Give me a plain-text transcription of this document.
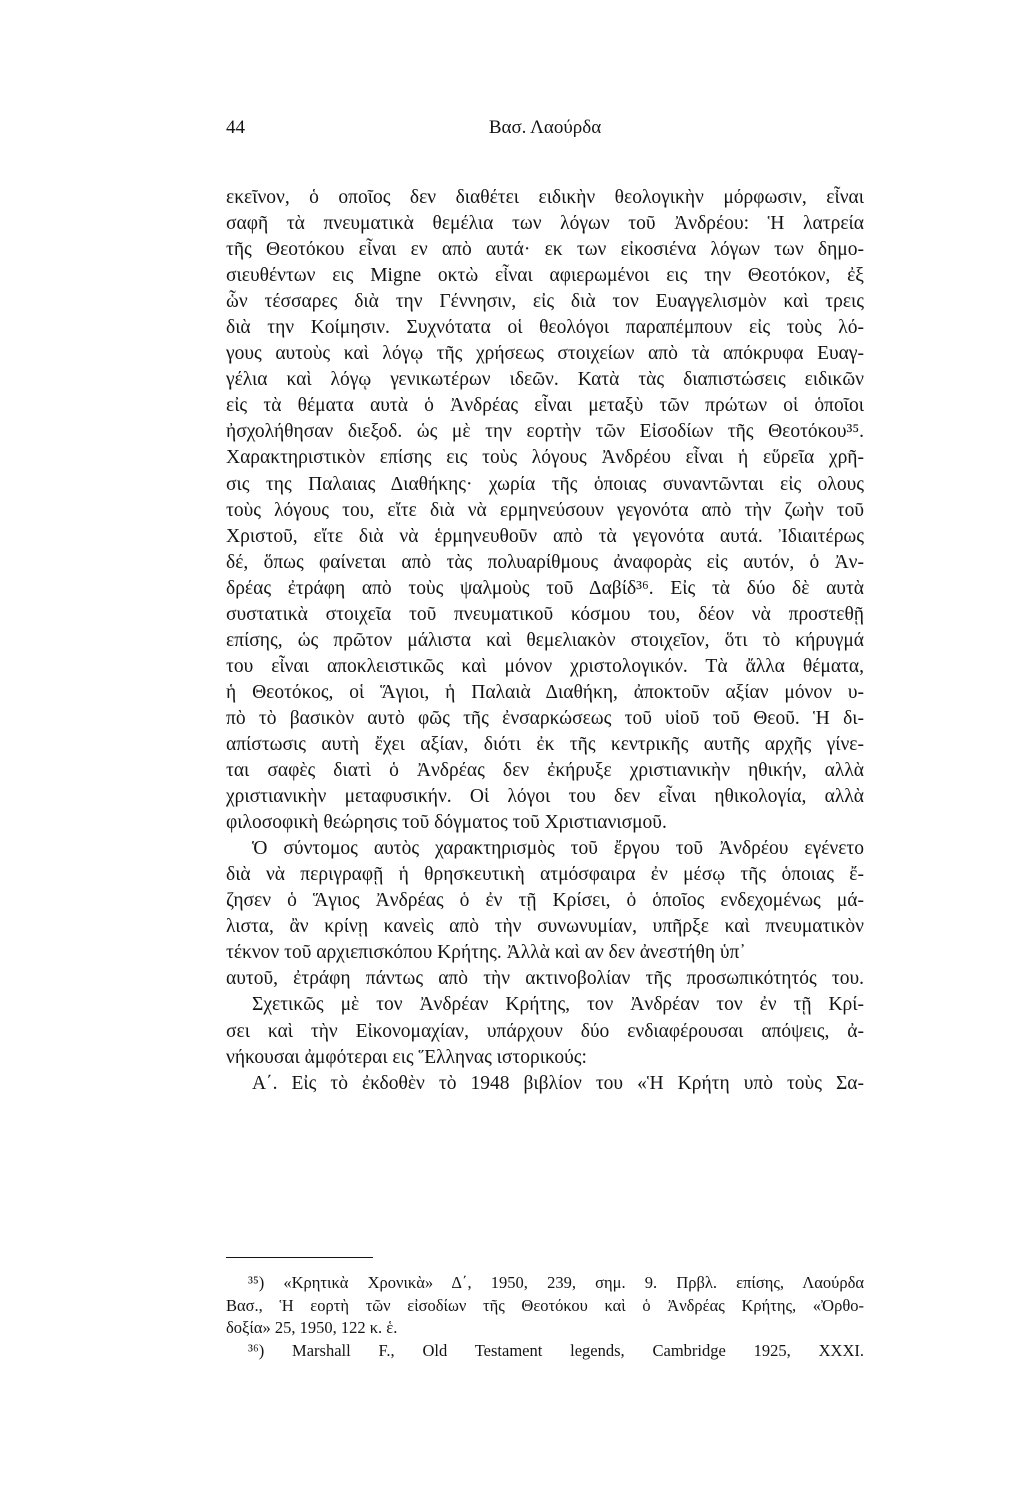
44	Βασ. Λαούρδα
εκεῖνον, ὁ οποῖος δεν διαθέτει ειδικὴν θεολογικὴν μόρφωσιν, εἶναι
σαφῆ τὰ πνευματικὰ θεμέλια των λόγων τοῦ Ἀνδρέου: Ἡ λατρεία
τῆς Θεοτόκου εἶναι εν απὸ αυτά· εκ των εἰκοσιένα λόγων των δημο-
σιευθέντων εις Migne οκτὼ εἶναι αφιερωμένοι εις την Θεοτόκον, ἐξ
ὧν τέσσαρες διὰ την Γέννησιν, εἰς διὰ τον Ευαγγελισμὸν καὶ τρεις
διὰ την Κοίμησιν. Συχνότατα οἱ θεολόγοι παραπέμπουν εἰς τοὺς λό-
γους αυτοὺς καὶ λόγῳ τῆς χρήσεως στοιχείων απὸ τὰ απόκρυφα Ευαγ-
γέλια καὶ λόγῳ γενικωτέρων ιδεῶν. Κατὰ τὰς διαπιστώσεις ειδικῶν
εἰς τὰ θέματα αυτὰ ὁ Ἀνδρέας εἶναι μεταξὺ τῶν πρώτων οἱ ὁποῖοι
ἠσχολήθησαν διεξοδ. ὡς μὲ την εορτὴν τῶν Εἰσοδίων τῆς Θεοτόκου³⁵.
Χαρακτηριστικὸν επίσης εις τοὺς λόγους Ἀνδρέου εἶναι ἡ εὕρεῖα χρῆ-
σις της Παλαιας Διαθήκης· χωρία τῆς ὁποιας συναντῶνται εἰς ολους
τοὺς λόγους του, εἴτε διὰ νὰ ερμηνεύσουν γεγονότα απὸ τὴν ζωὴν τοῦ
Χριστοῦ, εἴτε διὰ νὰ ἑρμηνευθοῦν απὸ τὰ γεγονότα αυτά. Ἰδιαιτέρως
δέ, ὅπως φαίνεται απὸ τὰς πολυαρίθμους ἀναφορὰς εἰς αυτόν, ὁ Ἀν-
δρέας ἐτράφη απὸ τοὺς ψαλμοὺς τοῦ Δαβίδ³⁶. Εἰς τὰ δύο δὲ αυτὰ
συστατικὰ στοιχεῖα τοῦ πνευματικοῦ κόσμου του, δέον νὰ προστεθῇ
επίσης, ὡς πρῶτον μάλιστα καὶ θεμελιακὸν στοιχεῖον, ὅτι τὸ κήρυγμά
του εἶναι αποκλειστικῶς καὶ μόνον χριστολογικόν. Τὰ ἄλλα θέματα,
ἡ Θεοτόκος, οἱ Ἅγιοι, ἡ Παλαιὰ Διαθήκη, ἀποκτοῦν αξίαν μόνον υ-
πὸ τὸ βασικὸν αυτὸ φῶς τῆς ἐνσαρκώσεως τοῦ υἱοῦ τοῦ Θεοῦ. Ἡ δι-
απίστωσις αυτὴ ἔχει αξίαν, διότι ἐκ τῆς κεντρικῆς αυτῆς αρχῆς γίνε-
ται σαφὲς διατὶ ὁ Ἀνδρέας δεν ἐκήρυξε χριστιανικὴν ηθικήν, αλλὰ
χριστιανικὴν μεταφυσικήν. Οἱ λόγοι του δεν εἶναι ηθικολογία, αλλὰ
φιλοσοφικὴ θεώρησις τοῦ δόγματος τοῦ Χριστιανισμοῦ.
Ὁ σύντομος αυτὸς χαρακτηρισμὸς τοῦ ἔργου τοῦ Ἀνδρέου εγένετο
διὰ νὰ περιγραφῇ ἡ θρησκευτικὴ ατμόσφαιρα ἐν μέσῳ τῆς ὁποιας ἔ-
ζησεν ὁ Ἅγιος Ἀνδρέας ὁ ἐν τῇ Κρίσει, ὁ ὁποῖος ενδεχομένως μά-
λιστα, ἂν κρίνῃ κανεὶς απὸ τὴν συνωνυμίαν, υπῆρξε καὶ πνευματικὸν
τέκνον τοῦ αρχιεπισκόπου Κρήτης. Ἀλλὰ καὶ αν δεν ἀνεστήθη ὑπ᾿
αυτοῦ, ἐτράφη πάντως απὸ τὴν ακτινοβολίαν τῆς προσωπικότητός του.
Σχετικῶς μὲ τον Ἀνδρέαν Κρήτης, τον Ἀνδρέαν τον ἐν τῇ Κρί-
σει καὶ τὴν Εἰκονομαχίαν, υπάρχουν δύο ενδιαφέρουσαι απόψεις, ἀ-
νήκουσαι ἀμφότεραι εις Ἕλληνας ιστορικούς:
Α΄. Εἰς τὸ ἐκδοθὲν τὸ 1948 βιβλίον του «Ἡ Κρήτη υπὸ τοὺς Σα-
³⁵) «Κρητικὰ Χρονικὰ» Δ΄, 1950, 239, σημ. 9. Πρβλ. επίσης, Λαούρδα
Βασ., Ἡ εορτὴ τῶν εἰσοδίων τῆς Θεοτόκου καὶ ὁ Ἀνδρέας Κρήτης, «Ὀρθο-
δοξία» 25, 1950, 122 κ. ἑ.
³⁶) Marshall F., Old Testament legends, Cambridge 1925, XXXI.
